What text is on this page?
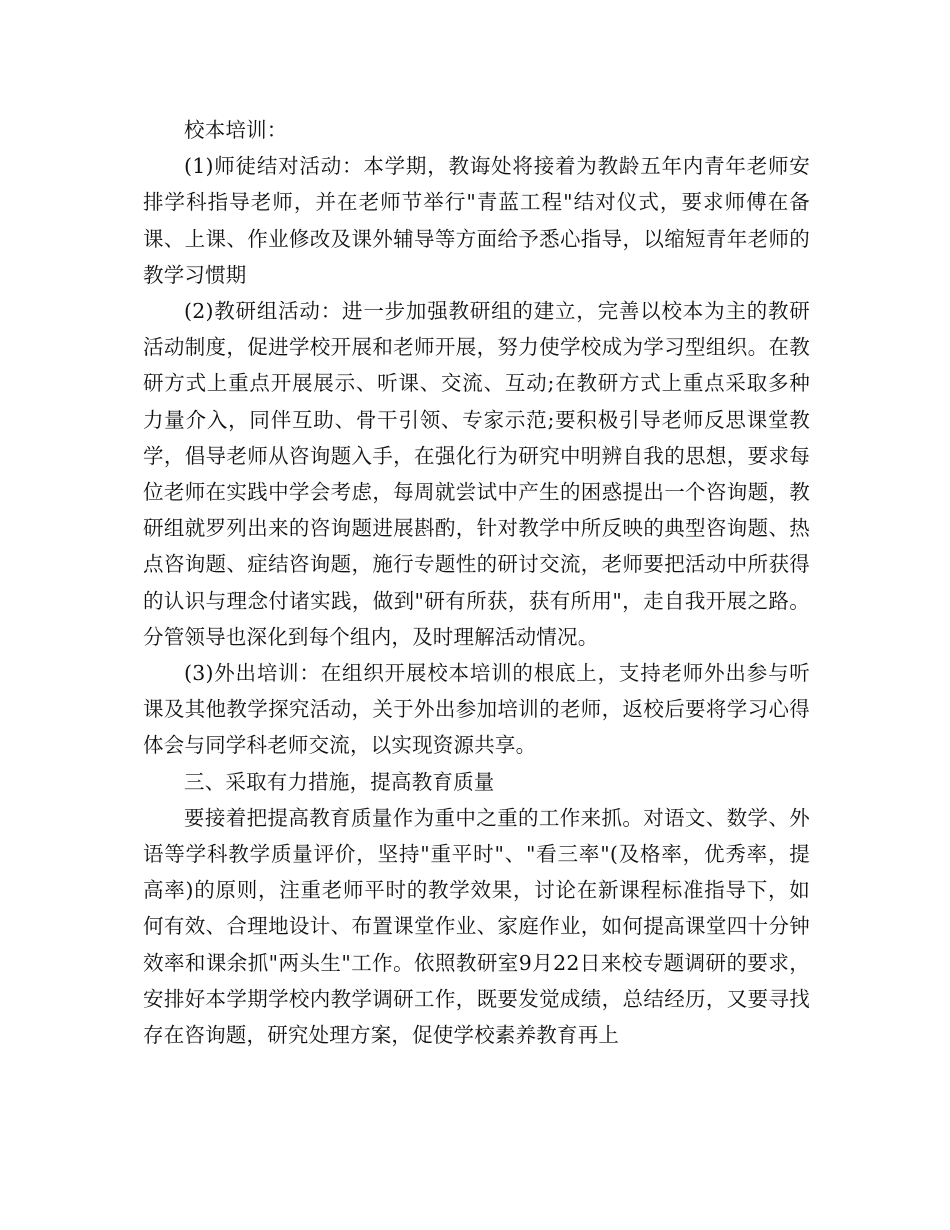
校本培训：

(1)师徒结对活动：本学期，教诲处将接着为教龄五年内青年老师安排学科指导老师，并在老师节举行"青蓝工程"结对仪式，要求师傅在备课、上课、作业修改及课外辅导等方面给予悉心指导，以缩短青年老师的教学习惯期

(2)教研组活动：进一步加强教研组的建立，完善以校本为主的教研活动制度，促进学校开展和老师开展，努力使学校成为学习型组织。在教研方式上重点开展展示、听课、交流、互动;在教研方式上重点采取多种力量介入，同伴互助、骨干引领、专家示范;要积极引导老师反思课堂教学，倡导老师从咨询题入手，在强化行为研究中明辨自我的思想，要求每位老师在实践中学会考虑，每周就尝试中产生的困惑提出一个咨询题，教研组就罗列出来的咨询题进展斟酌，针对教学中所反映的典型咨询题、热点咨询题、症结咨询题，施行专题性的研讨交流，老师要把活动中所获得的认识与理念付诸实践，做到"研有所获，获有所用"，走自我开展之路。分管领导也深化到每个组内，及时理解活动情况。

(3)外出培训：在组织开展校本培训的根底上，支持老师外出参与听课及其他教学探究活动，关于外出参加培训的老师，返校后要将学习心得体会与同学科老师交流，以实现资源共享。

三、采取有力措施，提高教育质量

要接着把提高教育质量作为重中之重的工作来抓。对语文、数学、外语等学科教学质量评价，坚持"重平时"、"看三率"(及格率，优秀率，提高率)的原则，注重老师平时的教学效果，讨论在新课程标准指导下，如何有效、合理地设计、布置课堂作业、家庭作业，如何提高课堂四十分钟效率和课余抓"两头生"工作。依照教研室9月22日来校专题调研的要求，安排好本学期学校内教学调研工作，既要发觉成绩，总结经历，又要寻找存在咨询题，研究处理方案，促使学校素养教育再上
